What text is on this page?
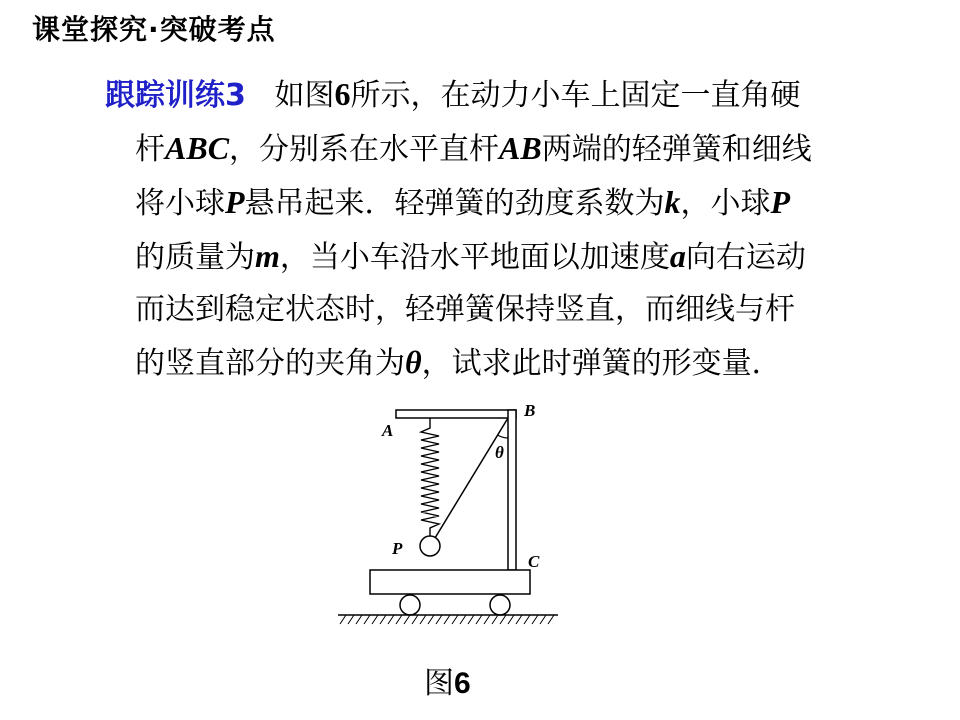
课堂探究·突破考点
跟踪训练3 如图6所示，在动力小车上固定一直角硬
杆ABC，分别系在水平直杆AB两端的轻弹簧和细线
将小球P悬吊起来．轻弹簧的劲度系数为k，小球P
的质量为m，当小车沿水平地面以加速度a向右运动
而达到稳定状态时，轻弹簧保持竖直，而细线与杆
的竖直部分的夹角为θ，试求此时弹簧的形变量．
A
B
C
P
θ
图6
